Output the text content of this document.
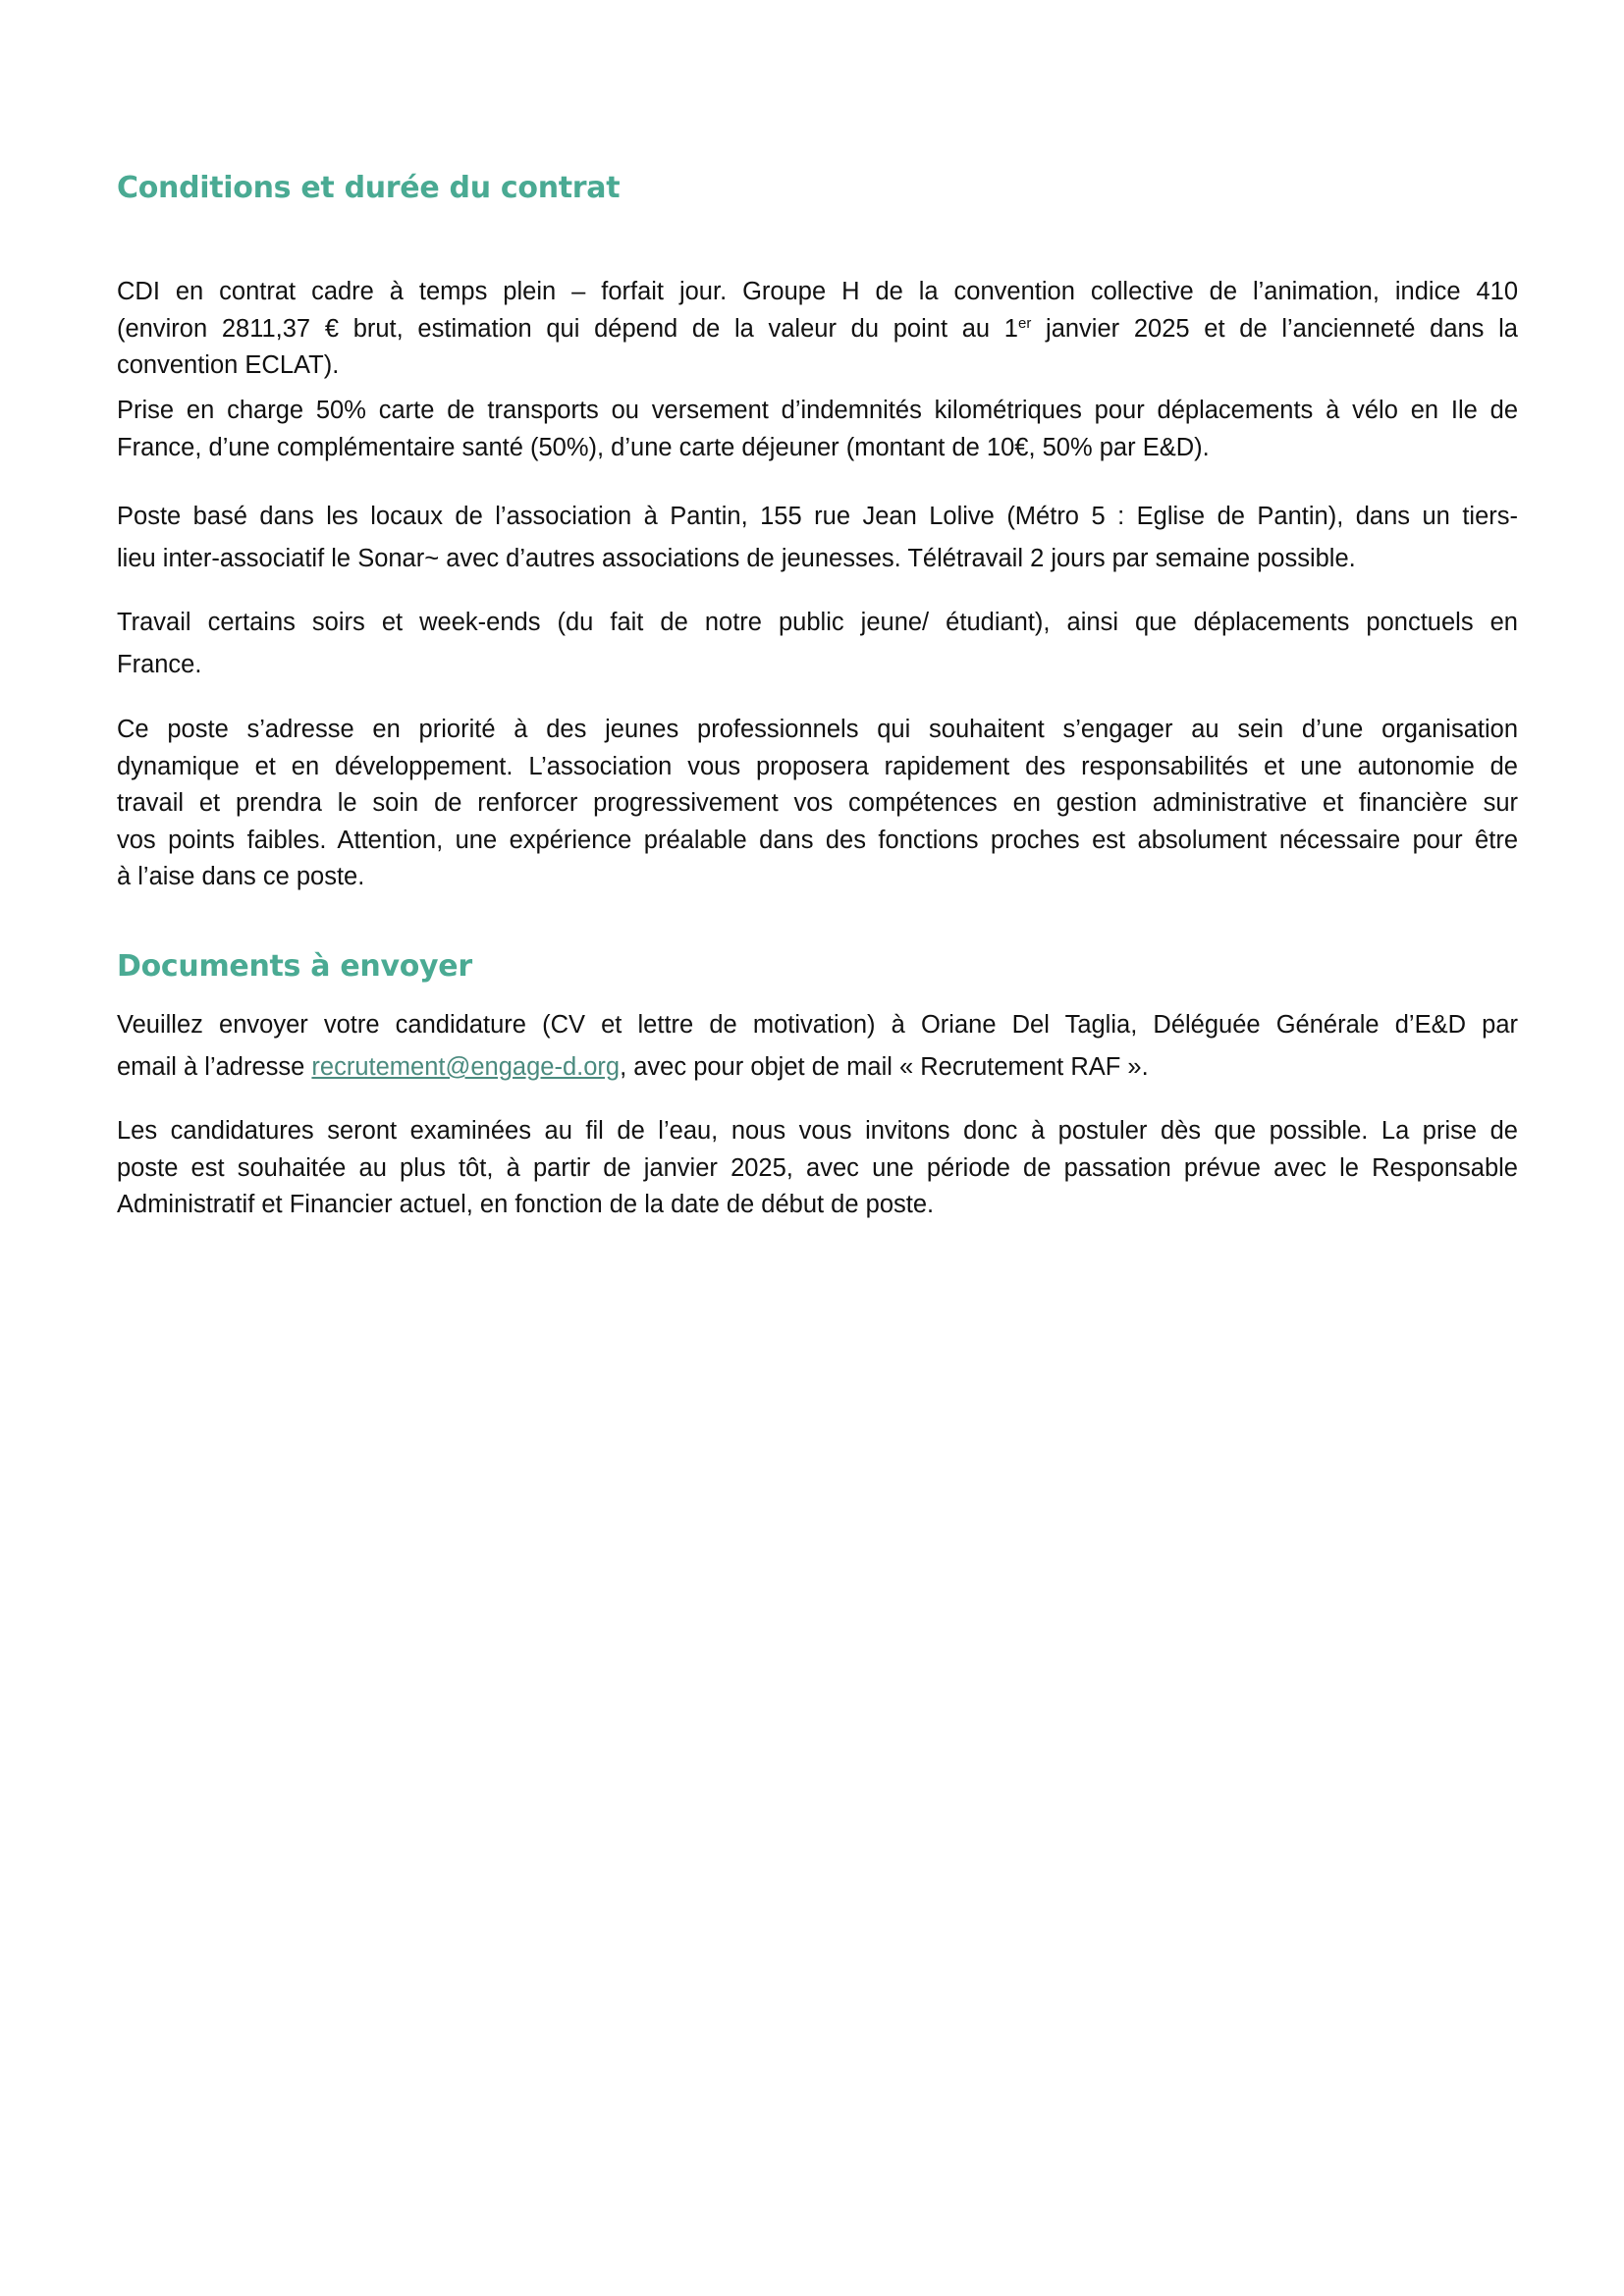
Conditions et durée du contrat

CDI en contrat cadre à temps plein – forfait jour. Groupe H de la convention collective de l’animation, indice 410
(environ 2811,37 € brut, estimation qui dépend de la valeur du point au 1er janvier 2025 et de l’ancienneté dans la
convention ECLAT).

Prise en charge 50% carte de transports ou versement d’indemnités kilométriques pour déplacements à vélo en Ile de
France, d’une complémentaire santé (50%), d’une carte déjeuner (montant de 10€, 50% par E&D).

Poste basé dans les locaux de l’association à Pantin, 155 rue Jean Lolive (Métro 5 : Eglise de Pantin), dans un tiers-
lieu inter-associatif le Sonar~ avec d’autres associations de jeunesses. Télétravail 2 jours par semaine possible.

Travail certains soirs et week-ends (du fait de notre public jeune/ étudiant), ainsi que déplacements ponctuels en
France.

Ce poste s’adresse en priorité à des jeunes professionnels qui souhaitent s’engager au sein d’une organisation
dynamique et en développement. L’association vous proposera rapidement des responsabilités et une autonomie de
travail et prendra le soin de renforcer progressivement vos compétences en gestion administrative et financière sur
vos points faibles. Attention, une expérience préalable dans des fonctions proches est absolument nécessaire pour être
à l’aise dans ce poste.

Documents à envoyer

Veuillez envoyer votre candidature (CV et lettre de motivation) à Oriane Del Taglia, Déléguée Générale d’E&D par
email à l’adresse recrutement@engage-d.org, avec pour objet de mail « Recrutement RAF ».

Les candidatures seront examinées au fil de l’eau, nous vous invitons donc à postuler dès que possible. La prise de
poste est souhaitée au plus tôt, à partir de janvier 2025, avec une période de passation prévue avec le Responsable
Administratif et Financier actuel, en fonction de la date de début de poste.
